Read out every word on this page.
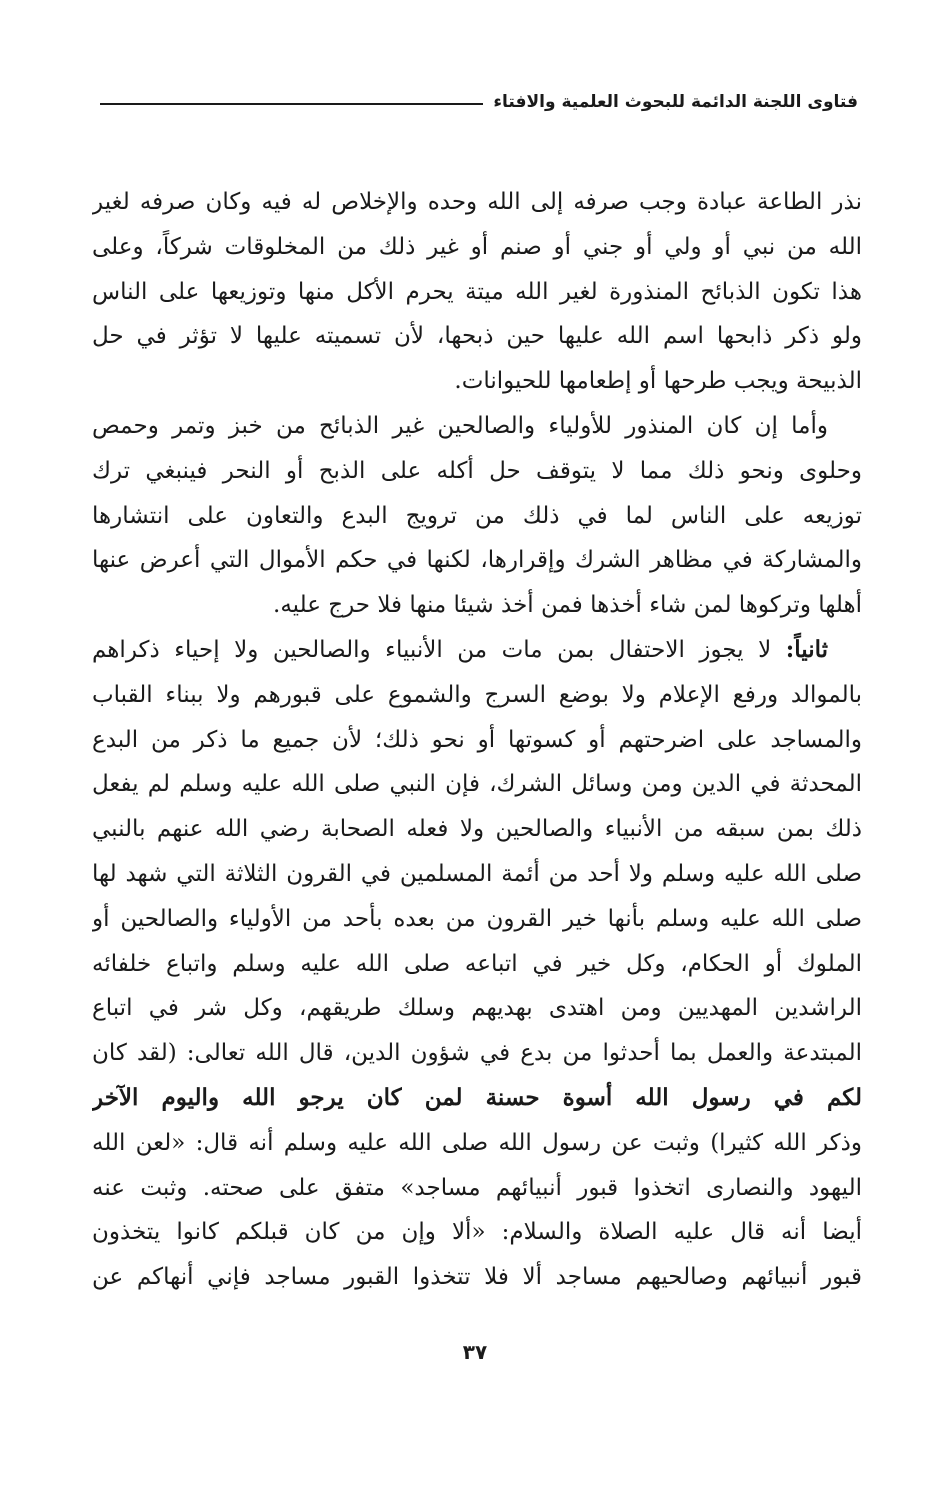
فتاوى اللجنة الدائمة للبحوث العلمية والافتاء
نذر الطاعة عبادة وجب صرفه إلى الله وحده والإخلاص له فيه وكان صرفه لغير
الله من نبي أو ولي أو جني أو صنم أو غير ذلك من المخلوقات شركاً، وعلى
هذا تكون الذبائح المنذورة لغير الله ميتة يحرم الأكل منها وتوزيعها على الناس
ولو ذكر ذابحها اسم الله عليها حين ذبحها، لأن تسميته عليها لا تؤثر في حل
الذبيحة ويجب طرحها أو إطعامها للحيوانات.
وأما إن كان المنذور للأولياء والصالحين غير الذبائح من خبز وتمر وحمص
وحلوى ونحو ذلك مما لا يتوقف حل أكله على الذبح أو النحر فينبغي ترك
توزيعه على الناس لما في ذلك من ترويج البدع والتعاون على انتشارها
والمشاركة في مظاهر الشرك وإقرارها، لكنها في حكم الأموال التي أعرض عنها
أهلها وتركوها لمن شاء أخذها فمن أخذ شيئا منها فلا حرج عليه.
ثانياً: لا يجوز الاحتفال بمن مات من الأنبياء والصالحين ولا إحياء ذكراهم
بالموالد ورفع الإعلام ولا بوضع السرج والشموع على قبورهم ولا ببناء القباب
والمساجد على اضرحتهم أو كسوتها أو نحو ذلك؛ لأن جميع ما ذكر من البدع
المحدثة في الدين ومن وسائل الشرك، فإن النبي صلى الله عليه وسلم لم يفعل
ذلك بمن سبقه من الأنبياء والصالحين ولا فعله الصحابة رضي الله عنهم بالنبي
صلى الله عليه وسلم ولا أحد من أئمة المسلمين في القرون الثلاثة التي شهد لها
صلى الله عليه وسلم بأنها خير القرون من بعده بأحد من الأولياء والصالحين أو
الملوك أو الحكام، وكل خير في اتباعه صلى الله عليه وسلم واتباع خلفائه
الراشدين المهديين ومن اهتدى بهديهم وسلك طريقهم، وكل شر في اتباع
المبتدعة والعمل بما أحدثوا من بدع في شؤون الدين، قال الله تعالى: (لقد كان
لكم في رسول الله أسوة حسنة لمن كان يرجو الله واليوم الآخر
وذكر الله كثيرا) وثبت عن رسول الله صلى الله عليه وسلم أنه قال: «لعن الله
اليهود والنصارى اتخذوا قبور أنبيائهم مساجد» متفق على صحته. وثبت عنه
أيضا أنه قال عليه الصلاة والسلام: «ألا وإن من كان قبلكم كانوا يتخذون
قبور أنبيائهم وصالحيهم مساجد ألا فلا تتخذوا القبور مساجد فإني أنهاكم عن
٣٧
